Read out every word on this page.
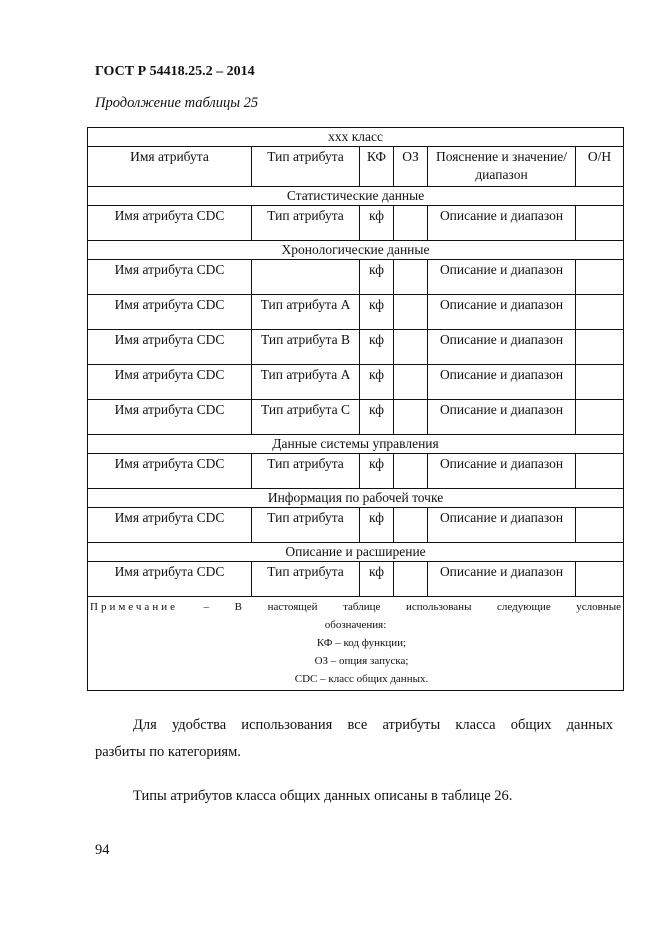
ГОСТ Р 54418.25.2 – 2014
Продолжение таблицы 25
ххх класс					
Имя атрибута	Тип атрибута	КФ	ОЗ	Пояснение и значение/диапазон	О/Н
Статистические данные					
Имя атрибута CDC	Тип атрибута	кф		Описание и диапазон	
Хронологические данные					
Имя атрибута CDC		кф		Описание и диапазон	
Имя атрибута CDC	Тип атрибута А	кф		Описание и диапазон	
Имя атрибута CDC	Тип атрибута В	кф		Описание и диапазон	
Имя атрибута CDC	Тип атрибута А	кф		Описание и диапазон	
Имя атрибута CDC	Тип атрибута С	кф		Описание и диапазон	
Данные системы управления					
Имя атрибута CDC	Тип атрибута	кф		Описание и диапазон	
Информация по рабочей точке					
Имя атрибута CDC	Тип атрибута	кф		Описание и диапазон	
Описание и расширение					
Имя атрибута CDC	Тип атрибута	кф		Описание и диапазон	

Примечание – В настоящей таблице использованы следующие условные
обозначения:
КФ – код функции;
ОЗ – опция запуска;
CDC – класс общих данных.					
Для удобства использования все атрибуты класса общих данных
разбиты по категориям.
Типы атрибутов класса общих данных описаны в таблице 26.
94
